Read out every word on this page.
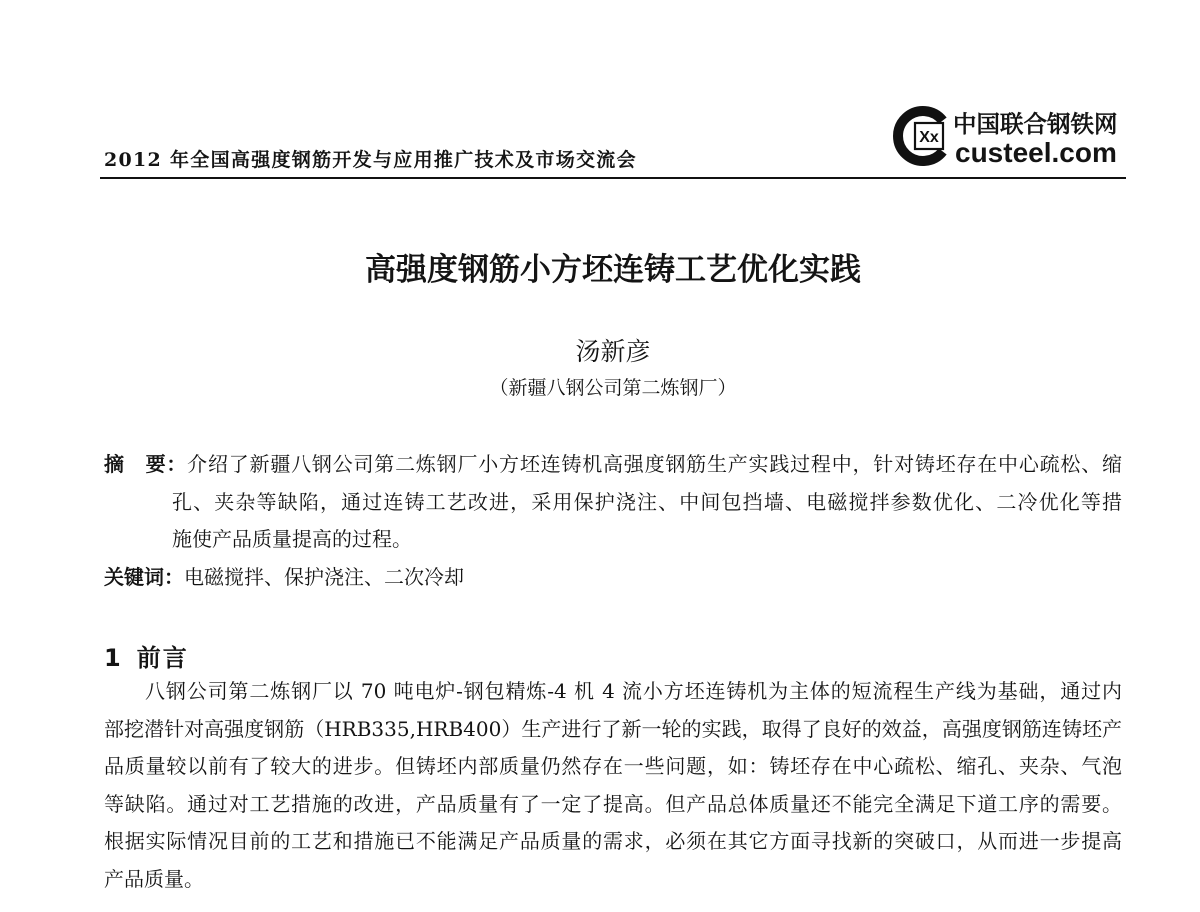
2012 年全国高强度钢筋开发与应用推广技术及市场交流会
Xx 中国联合钢铁网
custeel.com
高强度钢筋小方坯连铸工艺优化实践
汤新彦
（新疆八钢公司第二炼钢厂）
摘　要：介绍了新疆八钢公司第二炼钢厂小方坯连铸机高强度钢筋生产实践过程中，针对铸坯存在中心疏松、缩
孔、夹杂等缺陷，通过连铸工艺改进，采用保护浇注、中间包挡墙、电磁搅拌参数优化、二冷优化等措
施使产品质量提高的过程。
关键词：电磁搅拌、保护浇注、二次冷却
1 前言
八钢公司第二炼钢厂以 70 吨电炉-钢包精炼-4 机 4 流小方坯连铸机为主体的短流程生产线为基础，通过内
部挖潜针对高强度钢筋（HRB335,HRB400）生产进行了新一轮的实践，取得了良好的效益，高强度钢筋连铸坯产
品质量较以前有了较大的进步。但铸坯内部质量仍然存在一些问题，如：铸坯存在中心疏松、缩孔、夹杂、气泡
等缺陷。通过对工艺措施的改进，产品质量有了一定了提高。但产品总体质量还不能完全满足下道工序的需要。
根据实际情况目前的工艺和措施已不能满足产品质量的需求，必须在其它方面寻找新的突破口，从而进一步提高
产品质量。
